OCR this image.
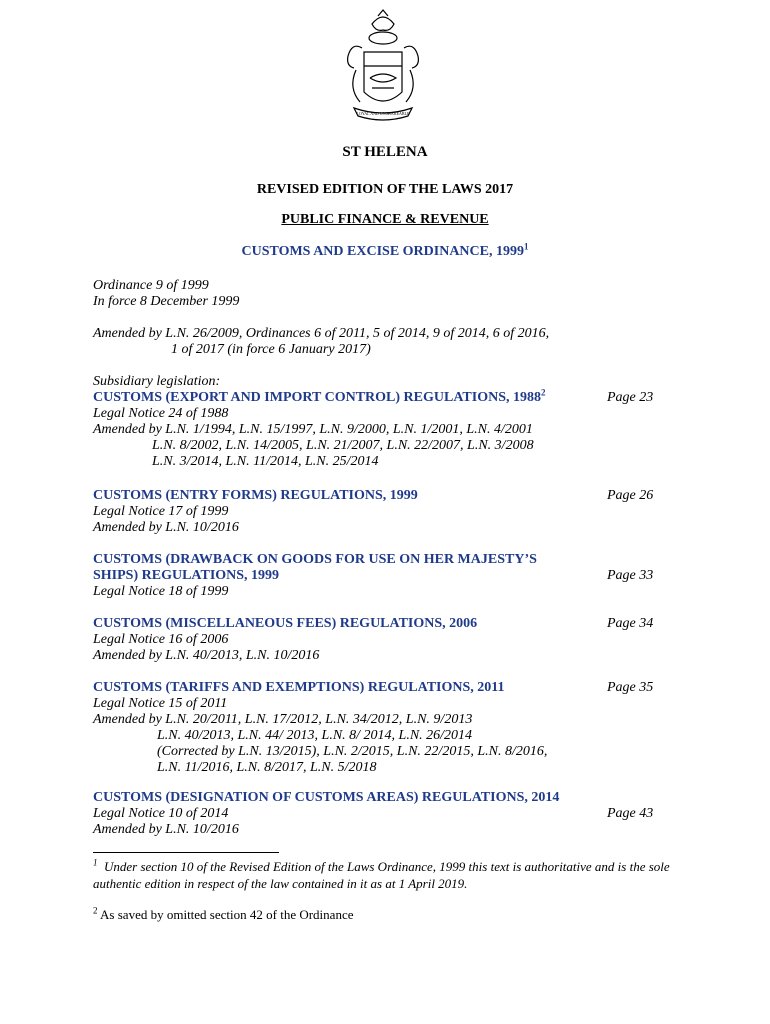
LOYAL AND UNSHAKEABLE
ST HELENA
REVISED EDITION OF THE LAWS 2017
PUBLIC FINANCE & REVENUE
CUSTOMS AND EXCISE ORDINANCE, 1999$^1$
Ordinance 9 of 1999
In force 8 December 1999
Amended by L.N. 26/2009, Ordinances 6 of 2011, 5 of 2014, 9 of 2014, 6 of 2016,
1 of 2017 (in force 6 January 2017)
Subsidiary legislation:
CUSTOMS (EXPORT AND IMPORT CONTROL) REGULATIONS, 1988$^2$	Page 23
Legal Notice 24 of 1988
Amended by L.N. 1/1994, L.N. 15/1997, L.N. 9/2000, L.N. 1/2001, L.N. 4/2001
L.N. 8/2002, L.N. 14/2005, L.N. 21/2007, L.N. 22/2007, L.N. 3/2008
L.N. 3/2014, L.N. 11/2014, L.N. 25/2014
CUSTOMS (ENTRY FORMS) REGULATIONS, 1999	Page 26
Legal Notice 17 of 1999
Amended by L.N. 10/2016
CUSTOMS (DRAWBACK ON GOODS FOR USE ON HER MAJESTY’S
SHIPS) REGULATIONS, 1999	Page 33
Legal Notice 18 of 1999
CUSTOMS (MISCELLANEOUS FEES) REGULATIONS, 2006	Page 34
Legal Notice 16 of 2006
Amended by L.N. 40/2013, L.N. 10/2016
CUSTOMS (TARIFFS AND EXEMPTIONS) REGULATIONS, 2011	Page 35
Legal Notice 15 of 2011
Amended by L.N. 20/2011, L.N. 17/2012, L.N. 34/2012, L.N. 9/2013
L.N. 40/2013, L.N. 44/ 2013, L.N. 8/ 2014, L.N. 26/2014
(Corrected by L.N. 13/2015), L.N. 2/2015, L.N. 22/2015, L.N. 8/2016,
L.N. 11/2016, L.N. 8/2017, L.N. 5/2018
CUSTOMS (DESIGNATION OF CUSTOMS AREAS) REGULATIONS, 2014
Legal Notice 10 of 2014	Page 43
Amended by L.N. 10/2016
$^1$ Under section 10 of the Revised Edition of the Laws Ordinance, 1999 this text is authoritative and is the sole authentic edition in respect of the law contained in it as at 1 April 2019.
$^2$ As saved by omitted section 42 of the Ordinance
